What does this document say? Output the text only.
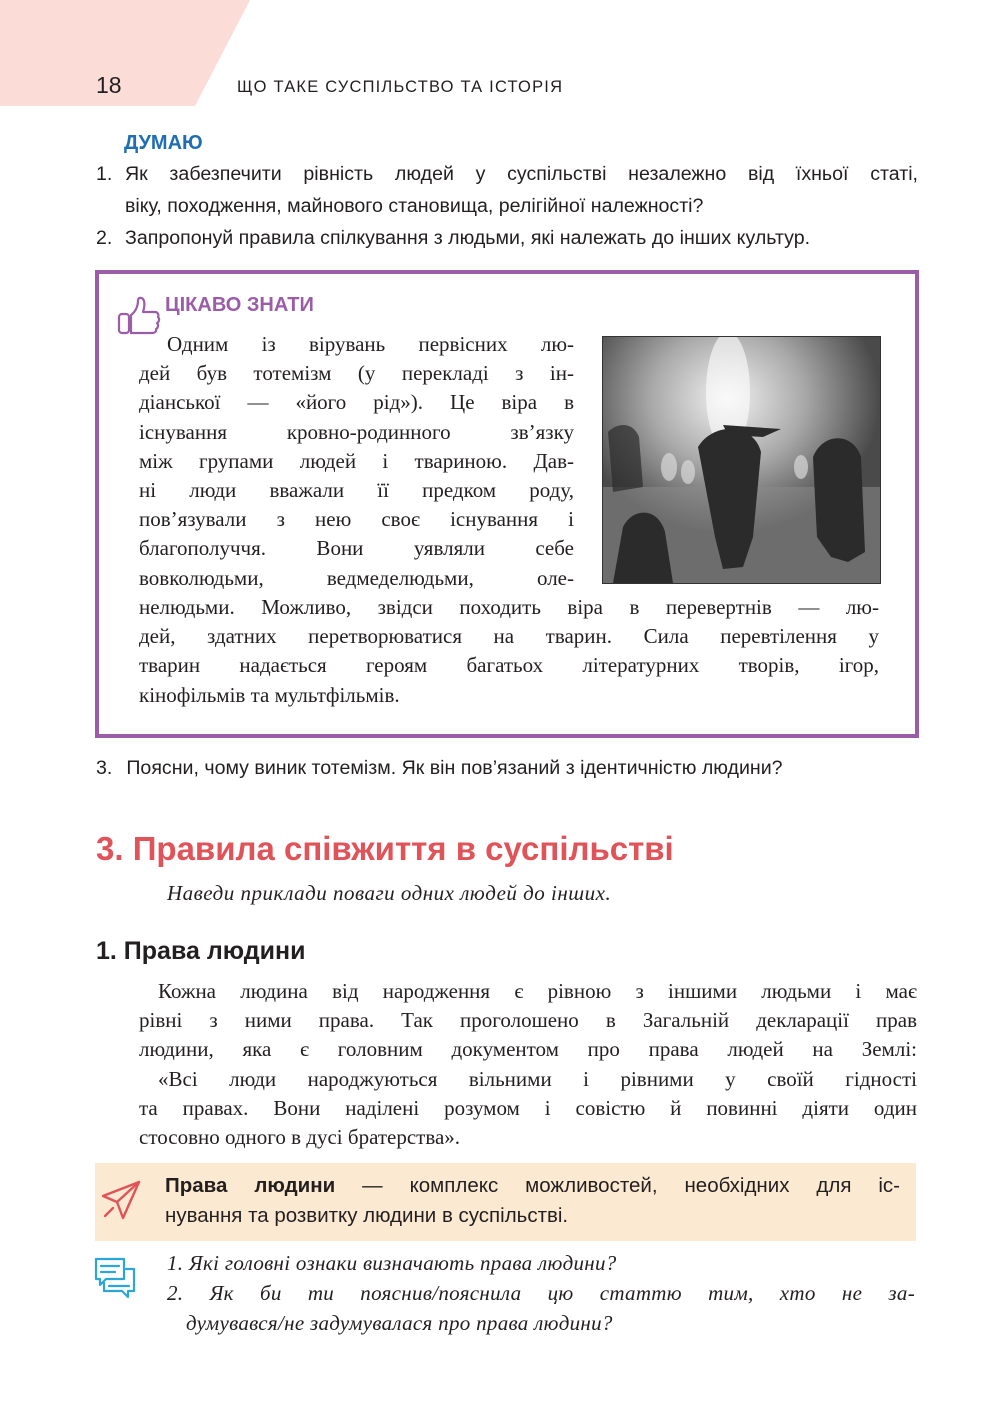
18	ЩО ТАКЕ СУСПІЛЬСТВО ТА ІСТОРІЯ
ДУМАЮ
1. Як забезпечити рівність людей у суспільстві незалежно від їхньої статі,
віку, походження, майнового становища, релігійної належності?
2. Запропонуй правила спілкування з людьми, які належать до інших культур.
ЦІКАВО ЗНАТИ
Одним із вірувань первісних лю-
дей був тотемізм (у перекладі з ін-
діанської — «його рід»). Це віра в
існування кровно-родинного зв’язку
між групами людей і твариною. Дав-
ні люди вважали її предком роду,
пов’язували з нею своє існування і
благополуччя. Вони уявляли себе
вовколюдьми, ведмеделюдьми, оле-
нелюдьми. Можливо, звідси походить віра в перевертнів — лю-
дей, здатних перетворюватися на тварин. Сила перевтілення у
тварин надається героям багатьох літературних творів, ігор,
кінофільмів та мультфільмів.
3. Поясни, чому виник тотемізм. Як він пов’язаний з ідентичністю людини?
3. Правила співжиття в суспільстві
Наведи приклади поваги одних людей до інших.
1. Права людини
Кожна людина від народження є рівною з іншими людьми і має
рівні з ними права. Так проголошено в Загальній декларації прав
людини, яка є головним документом про права людей на Землі:
«Всі люди народжуються вільними і рівними у своїй гідності
та правах. Вони наділені розумом і совістю й повинні діяти один
стосовно одного в дусі братерства».
Права людини — комплекс можливостей, необхідних для іс-
нування та розвитку людини в суспільстві.
1. Які головні ознаки визначають права людини?
2. Як би ти пояснив/пояснила цю статтю тим, хто не за-
думувався/не задумувалася про права людини?
